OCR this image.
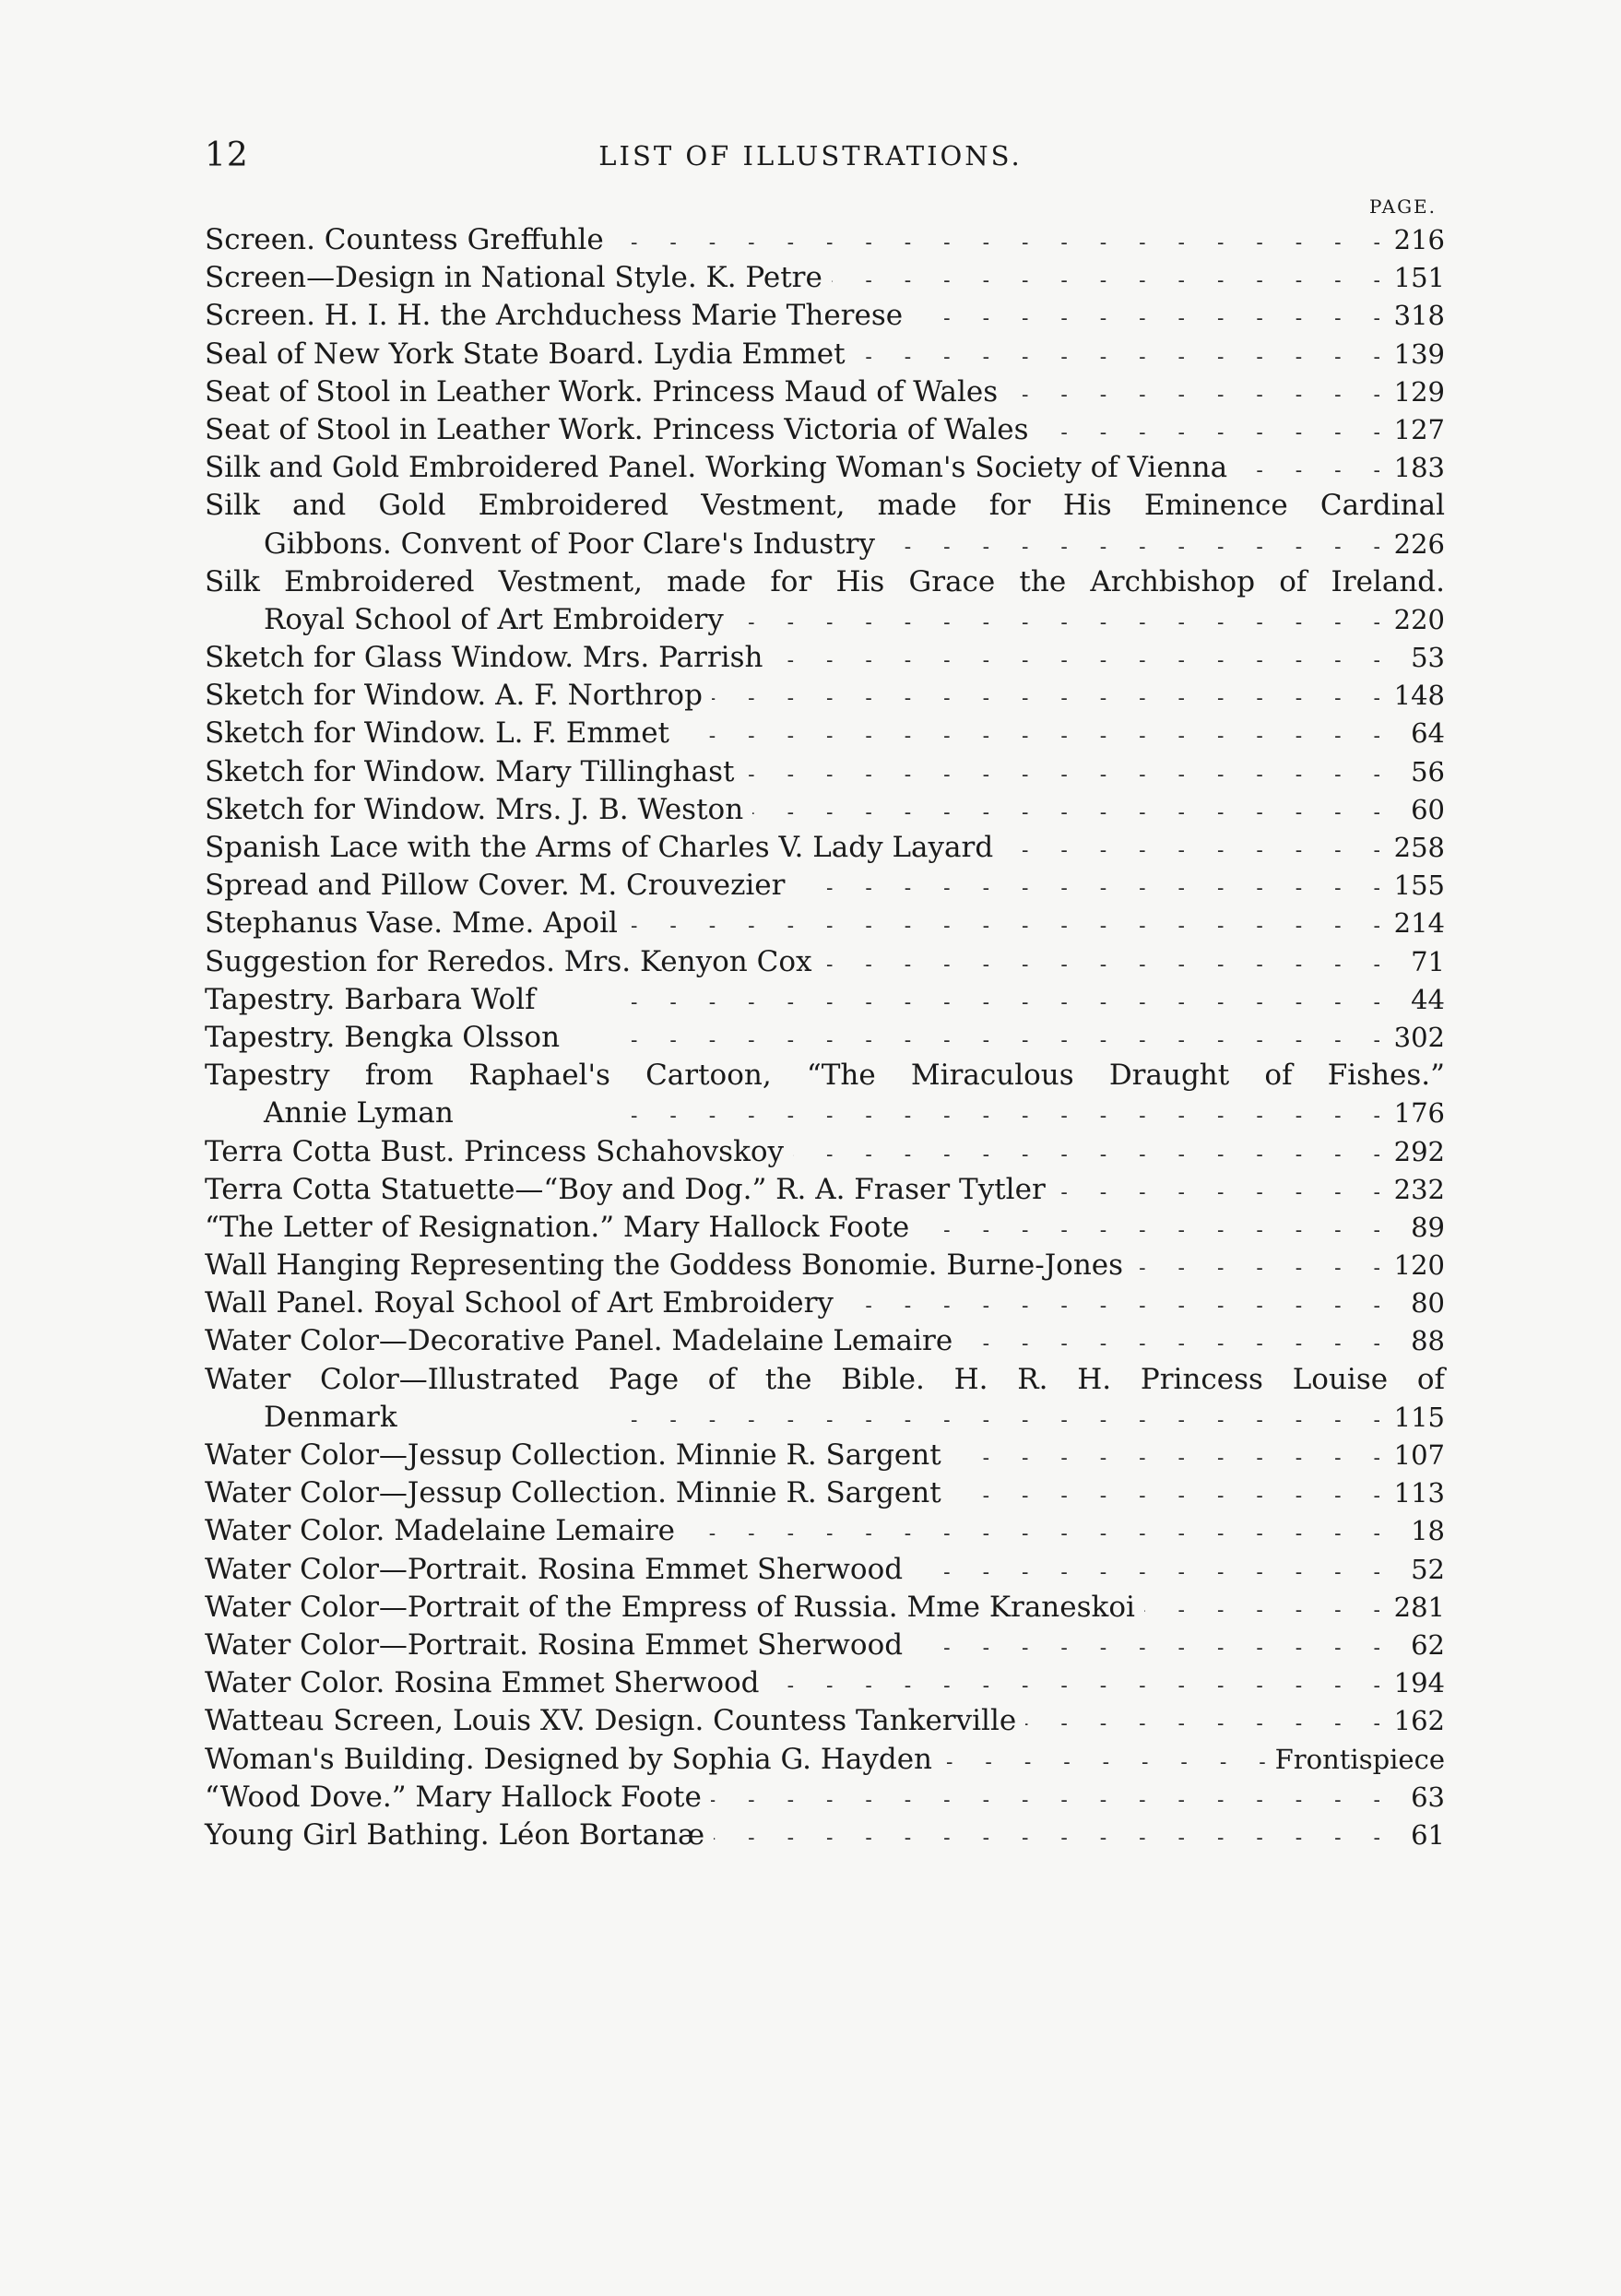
12	LIST OF ILLUSTRATIONS.
PAGE.
Screen. Countess Greffuhle -	216
Screen—Design in National Style. K. Petre -	151
Screen. H. I. H. the Archduchess Marie Therese -	318
Seal of New York State Board. Lydia Emmet -	139
Seat of Stool in Leather Work. Princess Maud of Wales -	129
Seat of Stool in Leather Work. Princess Victoria of Wales -	127
Silk and Gold Embroidered Panel. Working Woman's Society of Vienna -	183
Silk and Gold Embroidered Vestment, made for His Eminence Cardinal
Gibbons. Convent of Poor Clare's Industry -	226
Silk Embroidered Vestment, made for His Grace the Archbishop of Ireland.
Royal School of Art Embroidery -	220
Sketch for Glass Window. Mrs. Parrish -	53
Sketch for Window. A. F. Northrop -	148
Sketch for Window. L. F. Emmet -	64
Sketch for Window. Mary Tillinghast -	56
Sketch for Window. Mrs. J. B. Weston -	60
Spanish Lace with the Arms of Charles V. Lady Layard -	258
Spread and Pillow Cover. M. Crouvezier -	155
Stephanus Vase. Mme. Apoil -	214
Suggestion for Reredos. Mrs. Kenyon Cox -	71
Tapestry. Barbara Wolf -	44
Tapestry. Bengka Olsson -	302
Tapestry from Raphael's Cartoon, “The Miraculous Draught of Fishes.”
Annie Lyman -	176
Terra Cotta Bust. Princess Schahovskoy -	292
Terra Cotta Statuette—“Boy and Dog.” R. A. Fraser Tytler -	232
“The Letter of Resignation.” Mary Hallock Foote -	89
Wall Hanging Representing the Goddess Bonomie. Burne-Jones -	120
Wall Panel. Royal School of Art Embroidery -	80
Water Color—Decorative Panel. Madelaine Lemaire -	88
Water Color—Illustrated Page of the Bible. H. R. H. Princess Louise of
Denmark -	115
Water Color—Jessup Collection. Minnie R. Sargent -	107
Water Color—Jessup Collection. Minnie R. Sargent -	113
Water Color. Madelaine Lemaire -	18
Water Color—Portrait. Rosina Emmet Sherwood -	52
Water Color—Portrait of the Empress of Russia. Mme Kraneskoi -	281
Water Color—Portrait. Rosina Emmet Sherwood -	62
Water Color. Rosina Emmet Sherwood -	194
Watteau Screen, Louis XV. Design. Countess Tankerville -	162
Woman's Building. Designed by Sophia G. Hayden -	Frontispiece
“Wood Dove.” Mary Hallock Foote -	63
Young Girl Bathing. Léon Bortanæ -	61
